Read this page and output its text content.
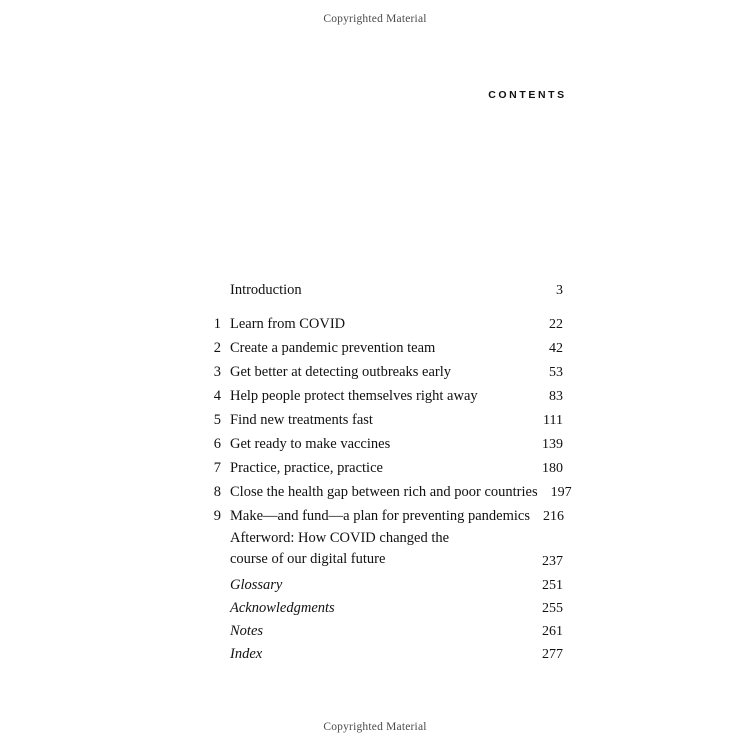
Copyrighted Material
CONTENTS
Introduction	3
1 Learn from COVID	22
2 Create a pandemic prevention team	42
3 Get better at detecting outbreaks early	53
4 Help people protect themselves right away	83
5 Find new treatments fast	111
6 Get ready to make vaccines	139
7 Practice, practice, practice	180
8 Close the health gap between rich and poor countries 197
9 Make—and fund—a plan for preventing pandemics 216
Afterword: How COVID changed the
course of our digital future	237
Glossary	251
Acknowledgments	255
Notes	261
Index	277
Copyrighted Material
